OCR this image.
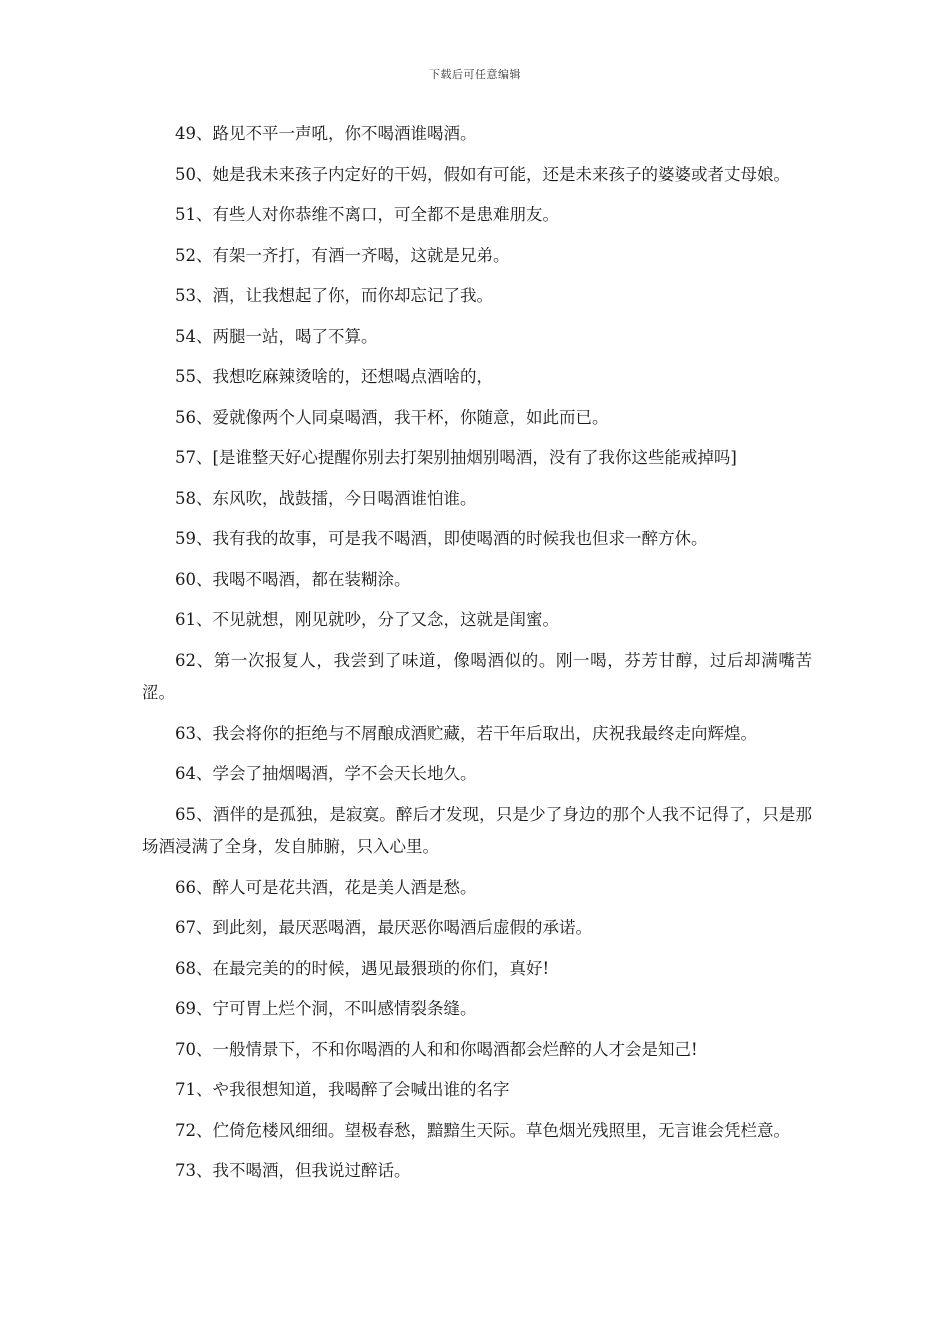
下载后可任意编辑

49、路见不平一声吼，你不喝酒谁喝酒。

50、她是我未来孩子内定好的干妈，假如有可能，还是未来孩子的婆婆或者丈母娘。

51、有些人对你恭维不离口，可全都不是患难朋友。

52、有架一齐打，有酒一齐喝，这就是兄弟。

53、酒，让我想起了你，而你却忘记了我。

54、两腿一站，喝了不算。

55、我想吃麻辣烫啥的，还想喝点酒啥的，

56、爱就像两个人同桌喝酒，我干杯，你随意，如此而已。

57、[是谁整天好心提醒你别去打架别抽烟别喝酒，没有了我你这些能戒掉吗]

58、东风吹，战鼓擂，今日喝酒谁怕谁。

59、我有我的故事，可是我不喝酒，即使喝酒的时候我也但求一醉方休。

60、我喝不喝酒，都在装糊涂。

61、不见就想，刚见就吵，分了又念，这就是闺蜜。

62、第一次报复人，我尝到了味道，像喝酒似的。刚一喝，芬芳甘醇，过后却满嘴苦涩。

63、我会将你的拒绝与不屑酿成酒贮藏，若干年后取出，庆祝我最终走向辉煌。

64、学会了抽烟喝酒，学不会天长地久。

65、酒伴的是孤独，是寂寞。醉后才发现，只是少了身边的那个人我不记得了，只是那场酒浸满了全身，发自肺腑，只入心里。

66、醉人可是花共酒，花是美人酒是愁。

67、到此刻，最厌恶喝酒，最厌恶你喝酒后虚假的承诺。

68、在最完美的的时候，遇见最猥琐的你们，真好!

69、宁可胃上烂个洞，不叫感情裂条缝。

70、一般情景下，不和你喝酒的人和和你喝酒都会烂醉的人才会是知己!

71、や我很想知道，我喝醉了会喊出谁的名字

72、伫倚危楼风细细。望极春愁，黯黯生天际。草色烟光残照里，无言谁会凭栏意。

73、我不喝酒，但我说过醉话。
